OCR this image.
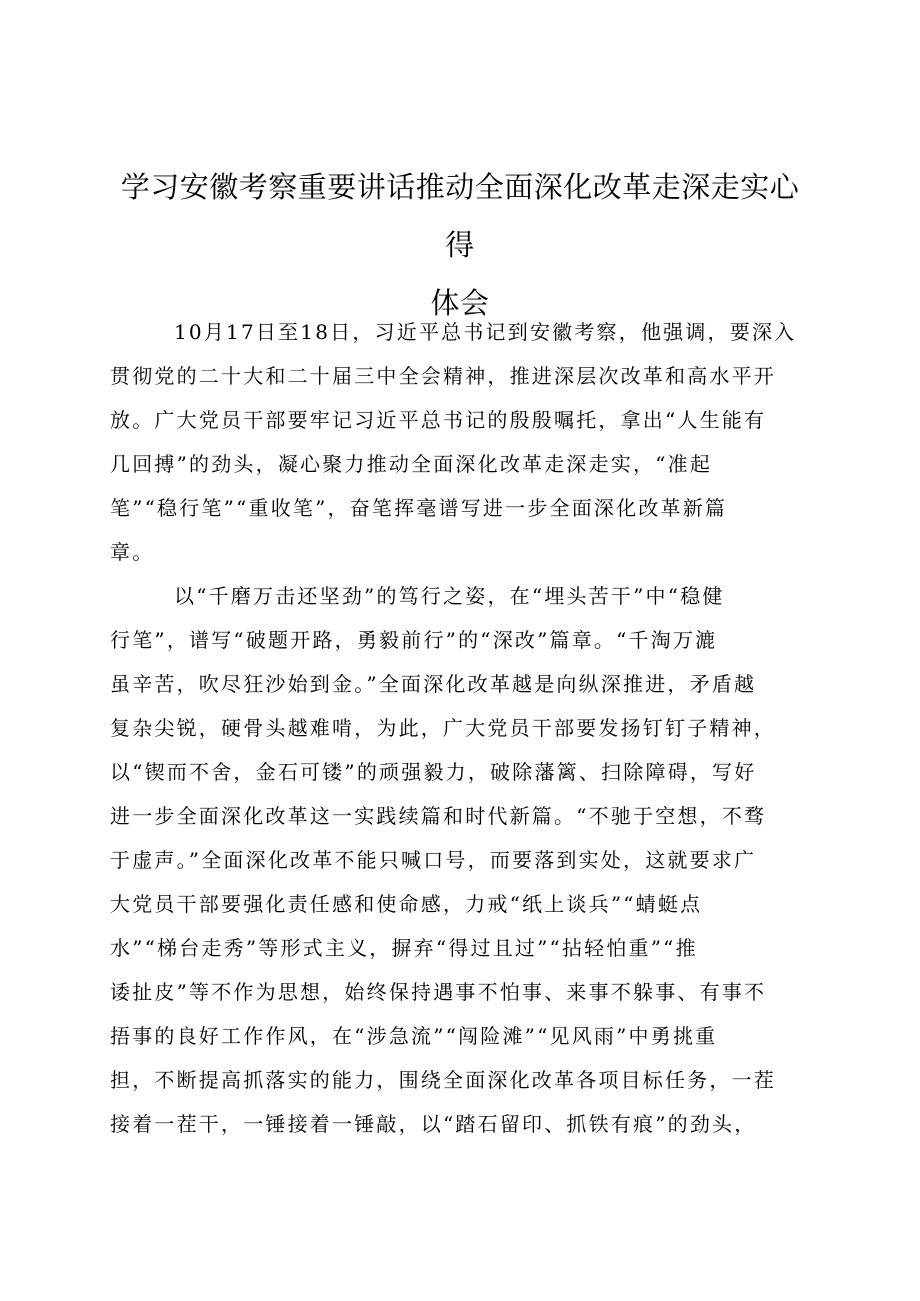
学习安徽考察重要讲话推动全面深化改革走深走实心得
体会

10月17日至18日，习近平总书记到安徽考察，他强调，要深入
贯彻党的二十大和二十届三中全会精神，推进深层次改革和高水平开
放。广大党员干部要牢记习近平总书记的殷殷嘱托，拿出“人生能有
几回搏”的劲头，凝心聚力推动全面深化改革走深走实，“准起
笔”“稳行笔”“重收笔”，奋笔挥毫谱写进一步全面深化改革新篇
章。

以“千磨万击还坚劲”的笃行之姿，在“埋头苦干”中“稳健
行笔”，谱写“破题开路，勇毅前行”的“深改”篇章。“千淘万漉
虽辛苦，吹尽狂沙始到金。”全面深化改革越是向纵深推进，矛盾越
复杂尖锐，硬骨头越难啃，为此，广大党员干部要发扬钉钉子精神，
以“锲而不舍，金石可镂”的顽强毅力，破除藩篱、扫除障碍，写好
进一步全面深化改革这一实践续篇和时代新篇。“不驰于空想，不骛
于虚声。”全面深化改革不能只喊口号，而要落到实处，这就要求广
大党员干部要强化责任感和使命感，力戒“纸上谈兵”“蜻蜓点
水”“梯台走秀”等形式主义，摒弃“得过且过”“拈轻怕重”“推
诿扯皮”等不作为思想，始终保持遇事不怕事、来事不躲事、有事不
捂事的良好工作作风，在“涉急流”“闯险滩”“见风雨”中勇挑重
担，不断提高抓落实的能力，围绕全面深化改革各项目标任务，一茬
接着一茬干，一锤接着一锤敲，以“踏石留印、抓铁有痕”的劲头，
